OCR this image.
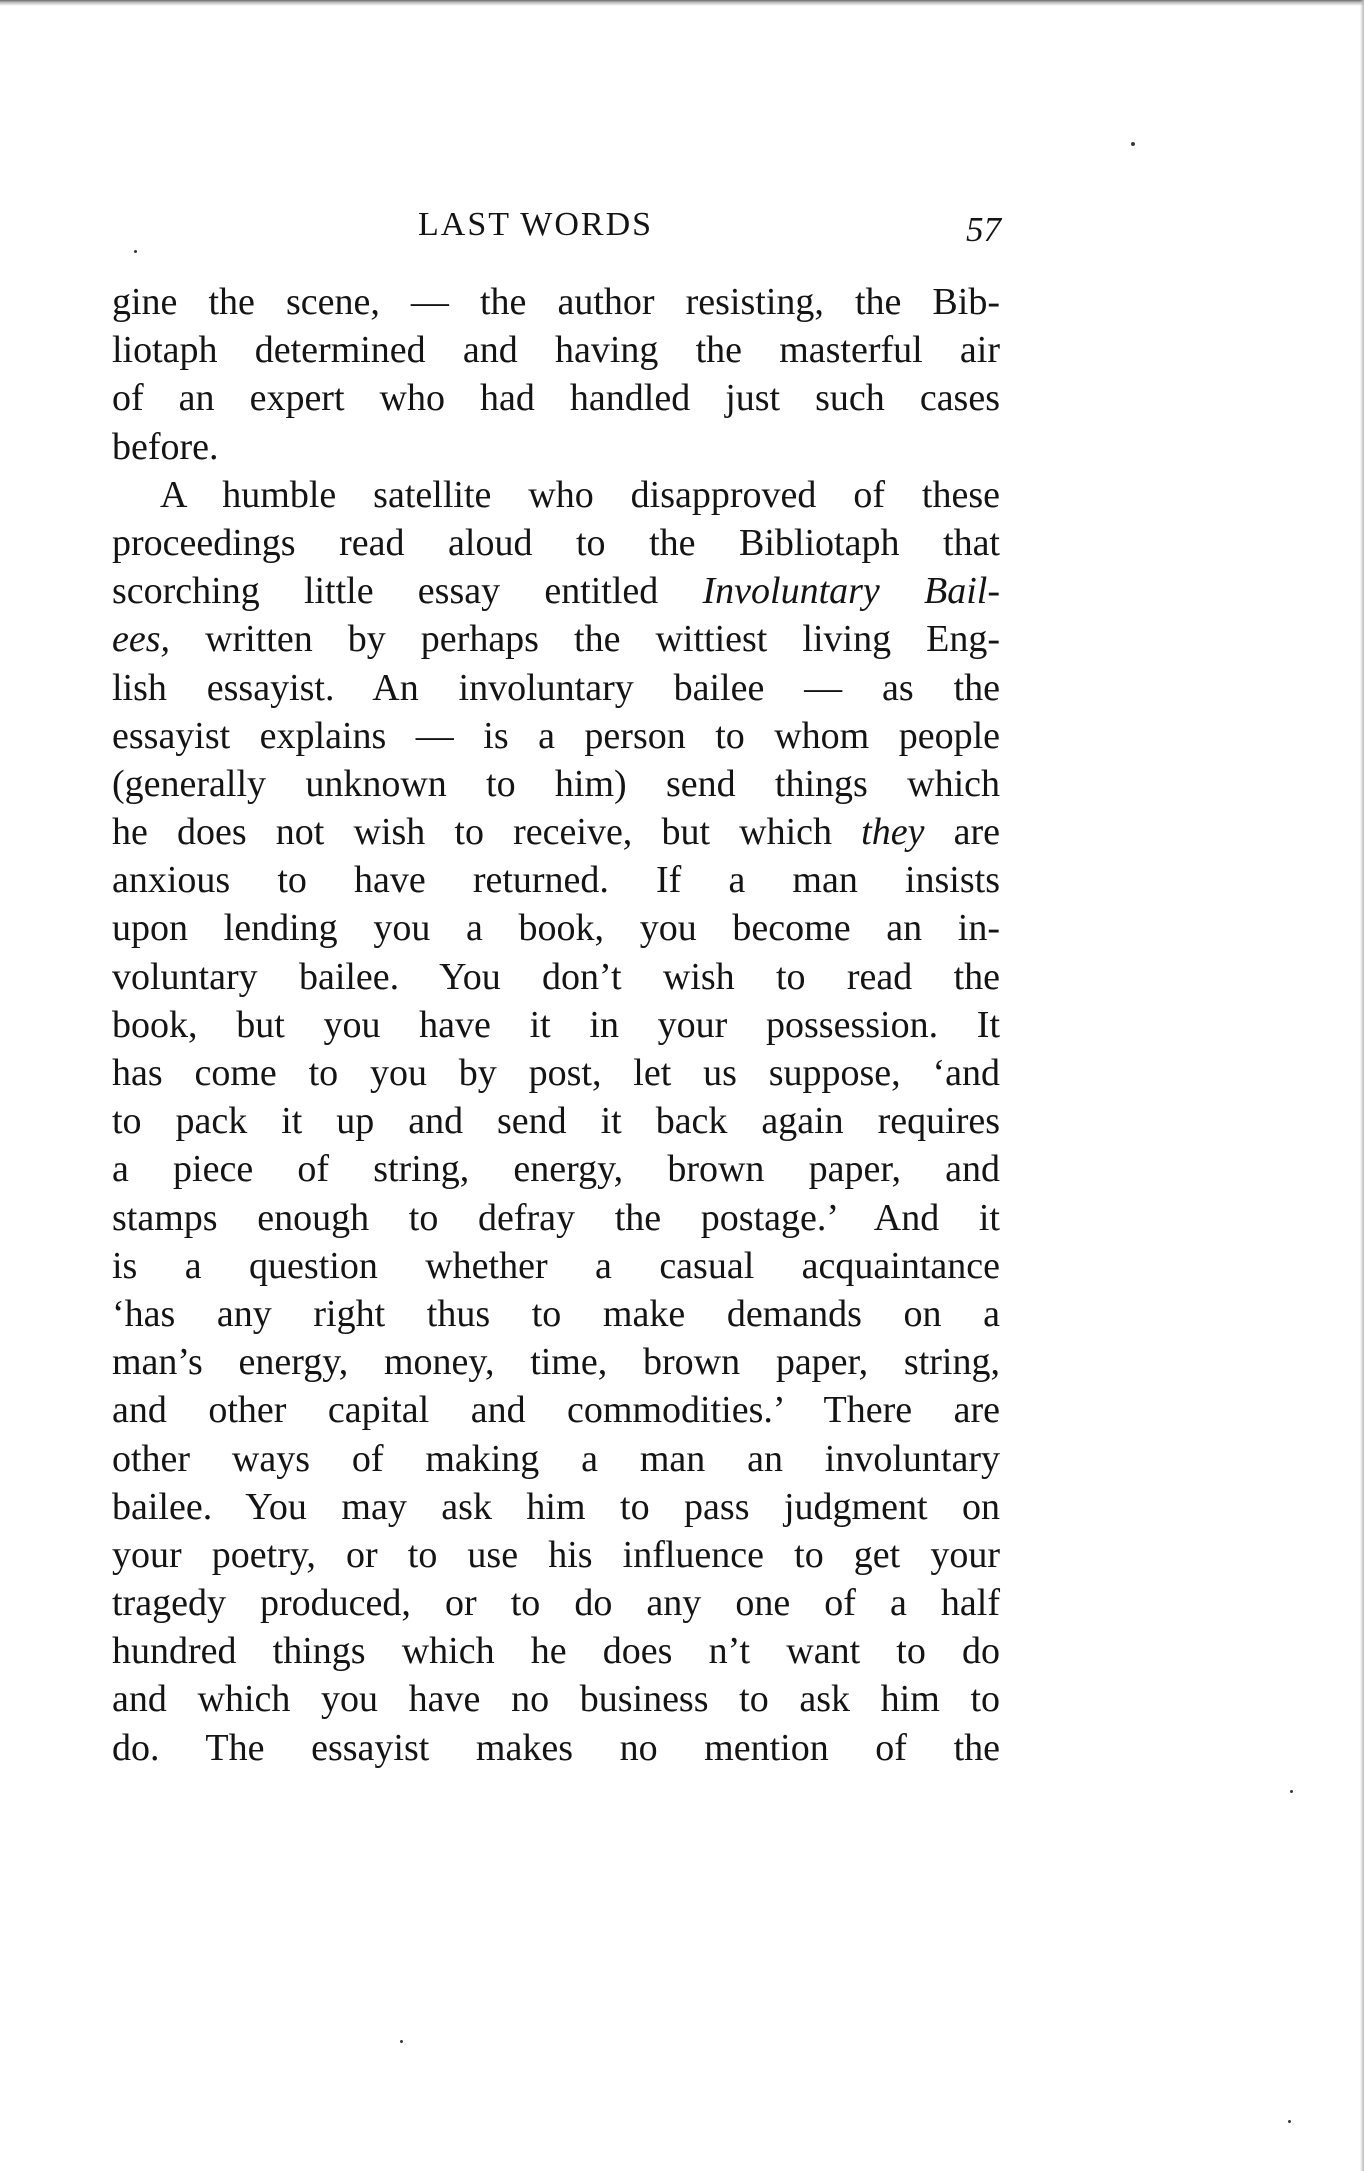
LAST WORDS	57
gine the scene, — the author resisting, the Bib-
liotaph determined and having the masterful air
of an expert who had handled just such cases
before.
A humble satellite who disapproved of these
proceedings read aloud to the Bibliotaph that
scorching little essay entitled Involuntary Bail-
ees, written by perhaps the wittiest living Eng-
lish essayist. An involuntary bailee — as the
essayist explains — is a person to whom people
(generally unknown to him) send things which
he does not wish to receive, but which they are
anxious to have returned. If a man insists
upon lending you a book, you become an in-
voluntary bailee. You don’t wish to read the
book, but you have it in your possession. It
has come to you by post, let us suppose, ‘and
to pack it up and send it back again requires
a piece of string, energy, brown paper, and
stamps enough to defray the postage.’ And it
is a question whether a casual acquaintance
‘has any right thus to make demands on a
man’s energy, money, time, brown paper, string,
and other capital and commodities.’ There are
other ways of making a man an involuntary
bailee. You may ask him to pass judgment on
your poetry, or to use his influence to get your
tragedy produced, or to do any one of a half
hundred things which he does n’t want to do
and which you have no business to ask him to
do. The essayist makes no mention of the
